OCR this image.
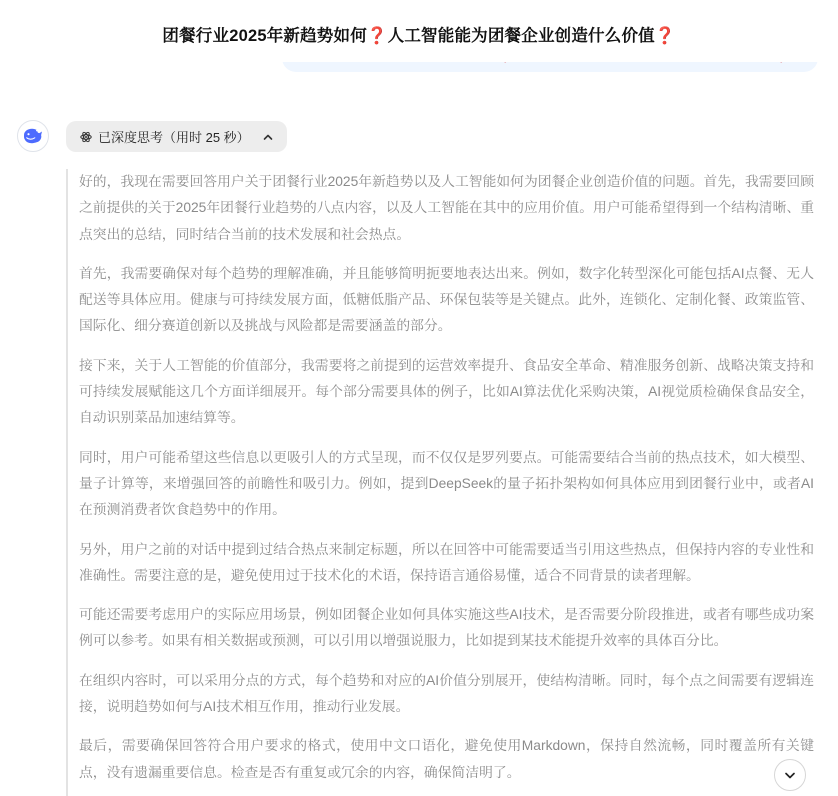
团餐行业2025年新趋势如何❓人工智能能为团餐企业创造什么价值❓
已深度思考（用时 25 秒）

好的，我现在需要回答用户关于团餐行业2025年新趋势以及人工智能如何为团餐企业创造价值的问题。首先，我需要回顾之前提供的关于2025年团餐行业趋势的八点内容，以及人工智能在其中的应用价值。用户可能希望得到一个结构清晰、重点突出的总结，同时结合当前的技术发展和社会热点。

首先，我需要确保对每个趋势的理解准确，并且能够简明扼要地表达出来。例如，数字化转型深化可能包括AI点餐、无人配送等具体应用。健康与可持续发展方面，低糖低脂产品、环保包装等是关键点。此外，连锁化、定制化餐、政策监管、国际化、细分赛道创新以及挑战与风险都是需要涵盖的部分。

接下来，关于人工智能的价值部分，我需要将之前提到的运营效率提升、食品安全革命、精准服务创新、战略决策支持和可持续发展赋能这几个方面详细展开。每个部分需要具体的例子，比如AI算法优化采购决策，AI视觉质检确保食品安全，自动识别菜品加速结算等。

同时，用户可能希望这些信息以更吸引人的方式呈现，而不仅仅是罗列要点。可能需要结合当前的热点技术，如大模型、量子计算等，来增强回答的前瞻性和吸引力。例如，提到DeepSeek的量子拓扑架构如何具体应用到团餐行业中，或者AI在预测消费者饮食趋势中的作用。

另外，用户之前的对话中提到过结合热点来制定标题，所以在回答中可能需要适当引用这些热点，但保持内容的专业性和准确性。需要注意的是，避免使用过于技术化的术语，保持语言通俗易懂，适合不同背景的读者理解。

可能还需要考虑用户的实际应用场景，例如团餐企业如何具体实施这些AI技术，是否需要分阶段推进，或者有哪些成功案例可以参考。如果有相关数据或预测，可以引用以增强说服力，比如提到某技术能提升效率的具体百分比。

在组织内容时，可以采用分点的方式，每个趋势和对应的AI价值分别展开，使结构清晰。同时，每个点之间需要有逻辑连接，说明趋势如何与AI技术相互作用，推动行业发展。

最后，需要确保回答符合用户要求的格式，使用中文口语化，避免使用Markdown，保持自然流畅，同时覆盖所有关键点，没有遗漏重要信息。检查是否有重复或冗余的内容，确保简洁明了。
